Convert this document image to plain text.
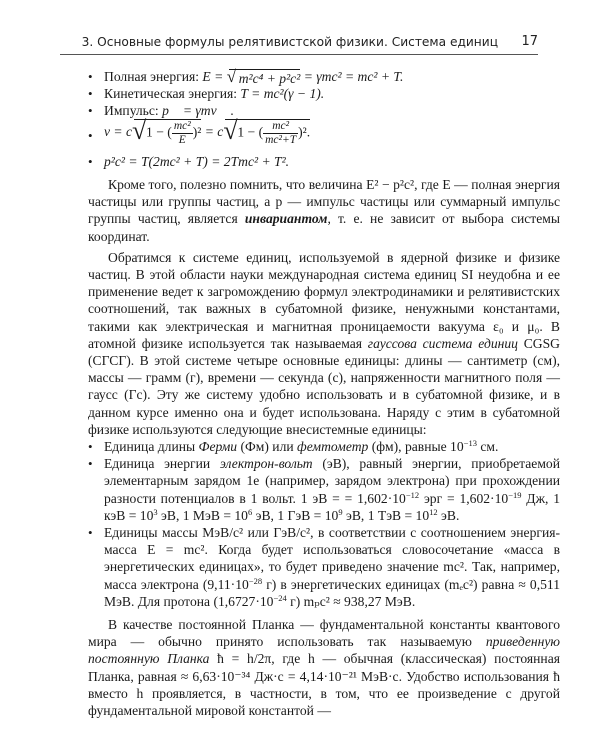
3. Основные формулы релятивистской физики. Система единиц 17
• Полная энергия: E = √ m²c⁴ + p²c² = γmc² = mc² + T.
• Кинетическая энергия: T = mc²(γ − 1).
• Импульс: p⃗ = γmv⃗ .
• v = c √ 1 − ( $\frac{\text{mc²}}{E} )^2 = c$ √ 1 − ( $\frac{\text{mc²}}{\text{mc²+T}} )^2$.
• p²c² = T(2mc² + T) = 2Tmc² + T².

Кроме того, полезно помнить, что величина E² − p²c², где E — полная энергия частицы или группы частиц, а p — импульс частицы или суммарный импульс группы частиц, является инвариантом, т. е. не зависит от выбора системы координат.

Обратимся к системе единиц, используемой в ядерной физике и физике частиц. В этой области науки международная система единиц SI неудобна и ее применение ведет к загромождению формул электродинамики и релятивистских соотношений, так важных в субатомной физике, ненужными константами, такими как электрическая и магнитная проницаемости вакуума ε₀ и μ₀. В атомной физике используется так называемая гауссова система единиц CGSG (СГСГ). В этой системе четыре основные единицы: длины — сантиметр (см), массы — грамм (г), времени — секунда (с), напряженности магнитного поля — гаусс (Гс). Эту же систему удобно использовать и в субатомной физике, и в данном курсе именно она и будет использована. Наряду с этим в субатомной физике используются следующие внесистемные единицы:

• Единица длины Ферми (Фм) или фемтометр (фм), равные $10^{-13}$ см.
• Единица энергии электрон-вольт (эВ), равный энергии, приобретаемой элементарным зарядом 1e (например, зарядом электрона) при прохождении разности потенциалов в 1 вольт. 1 эВ = = $1,602\cdot 10^{-12}$ эрг = $1,602\cdot 10^{-19}$ Дж, 1 кэВ = $10^3$ эВ, 1 МэВ = $10^6$ эВ, 1 ГэВ = $10^9$ эВ, 1 ТэВ = $10^{12}$ эВ.
• Единицы массы МэВ/c² или ГэВ/c², в соответствии с соотношением энергия-масса E = mc². Когда будет использоваться словосочетание «масса в энергетических единицах», то будет приведено значение mc². Так, например, масса электрона ($9,11\cdot 10^{-28}$ г) в энергетических единицах (mₑc²) равна ≈ 0,511 МэВ. Для протона ($1,6727\cdot 10^{-24}$ г) mₚc² ≈ 938,27 МэВ.

В качестве постоянной Планка — фундаментальной константы квантового мира — обычно принято использовать так называемую приведенную постоянную Планка ħ = h/2π, где h — обычная (классическая) постоянная Планка, равная ≈ 6,63·10⁻³⁴ Дж·с = 4,14·10⁻²¹ МэВ·с. Удобство использования ħ вместо h проявляется, в частности, в том, что ее произведение с другой фундаментальной мировой константой —
